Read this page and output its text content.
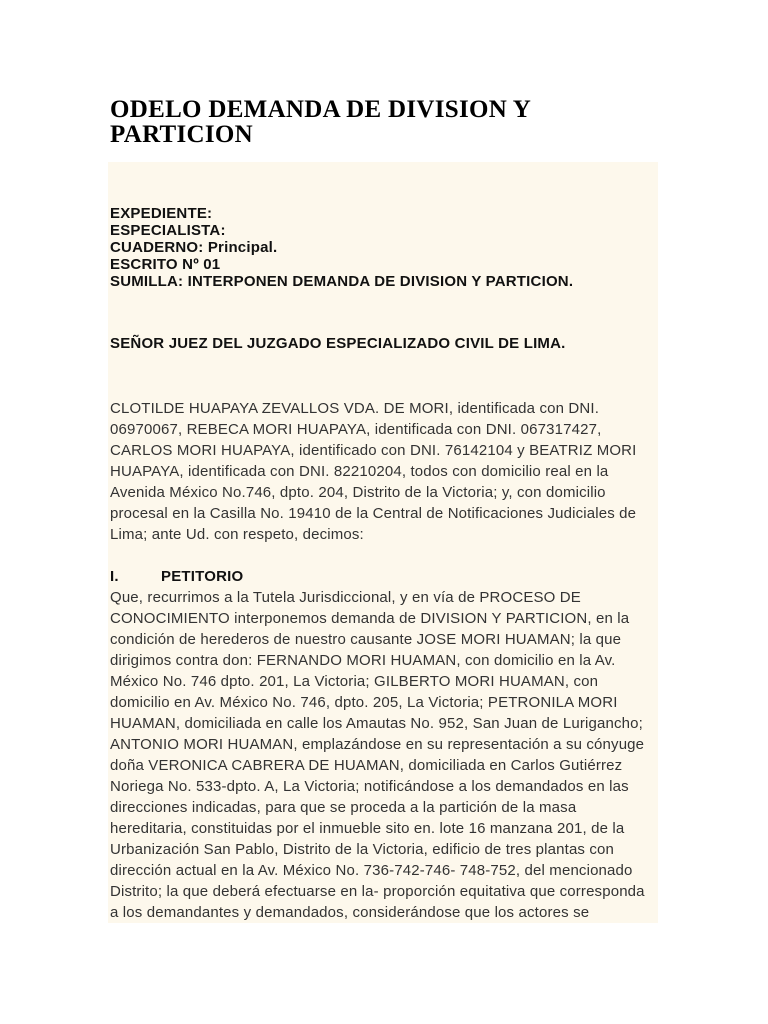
ODELO DEMANDA DE DIVISION Y
PARTICION
EXPEDIENTE:
ESPECIALISTA:
CUADERNO: Principal.
ESCRITO Nº 01
SUMILLA: INTERPONEN DEMANDA DE DIVISION Y PARTICION.
SEÑOR JUEZ DEL JUZGADO ESPECIALIZADO CIVIL DE LIMA.
CLOTILDE HUAPAYA ZEVALLOS VDA. DE MORI, identificada con DNI.
06970067, REBECA MORI HUAPAYA, identificada con DNI. 067317427,
CARLOS MORI HUAPAYA, identificado con DNI. 76142104 y BEATRIZ MORI
HUAPAYA, identificada con DNI. 82210204, todos con domicilio real en la
Avenida México No.746, dpto. 204, Distrito de la Victoria; y, con domicilio
procesal en la Casilla No. 19410 de la Central de Notificaciones Judiciales de
Lima; ante Ud. con respeto, decimos:
I.	PETITORIO
Que, recurrimos a la Tutela Jurisdiccional, y en vía de PROCESO DE
CONOCIMIENTO interponemos demanda de DIVISION Y PARTICION, en la
condición de herederos de nuestro causante JOSE MORI HUAMAN; la que
dirigimos contra don: FERNANDO MORI HUAMAN, con domicilio en la Av.
México No. 746 dpto. 201, La Victoria; GILBERTO MORI HUAMAN, con
domicilio en Av. México No. 746, dpto. 205, La Victoria; PETRONILA MORI
HUAMAN, domiciliada en calle los Amautas No. 952, San Juan de Lurigancho;
ANTONIO MORI HUAMAN, emplazándose en su representación a su cónyuge
doña VERONICA CABRERA DE HUAMAN, domiciliada en Carlos Gutiérrez
Noriega No. 533-dpto. A, La Victoria; notificándose a los demandados en las
direcciones indicadas, para que se proceda a la partición de la masa
hereditaria, constituidas por el inmueble sito en. lote 16 manzana 201, de la
Urbanización San Pablo, Distrito de la Victoria, edificio de tres plantas con
dirección actual en la Av. México No. 736-742-746- 748-752, del mencionado
Distrito; la que deberá efectuarse en la- proporción equitativa que corresponda
a los demandantes y demandados, considerándose que los actores se
